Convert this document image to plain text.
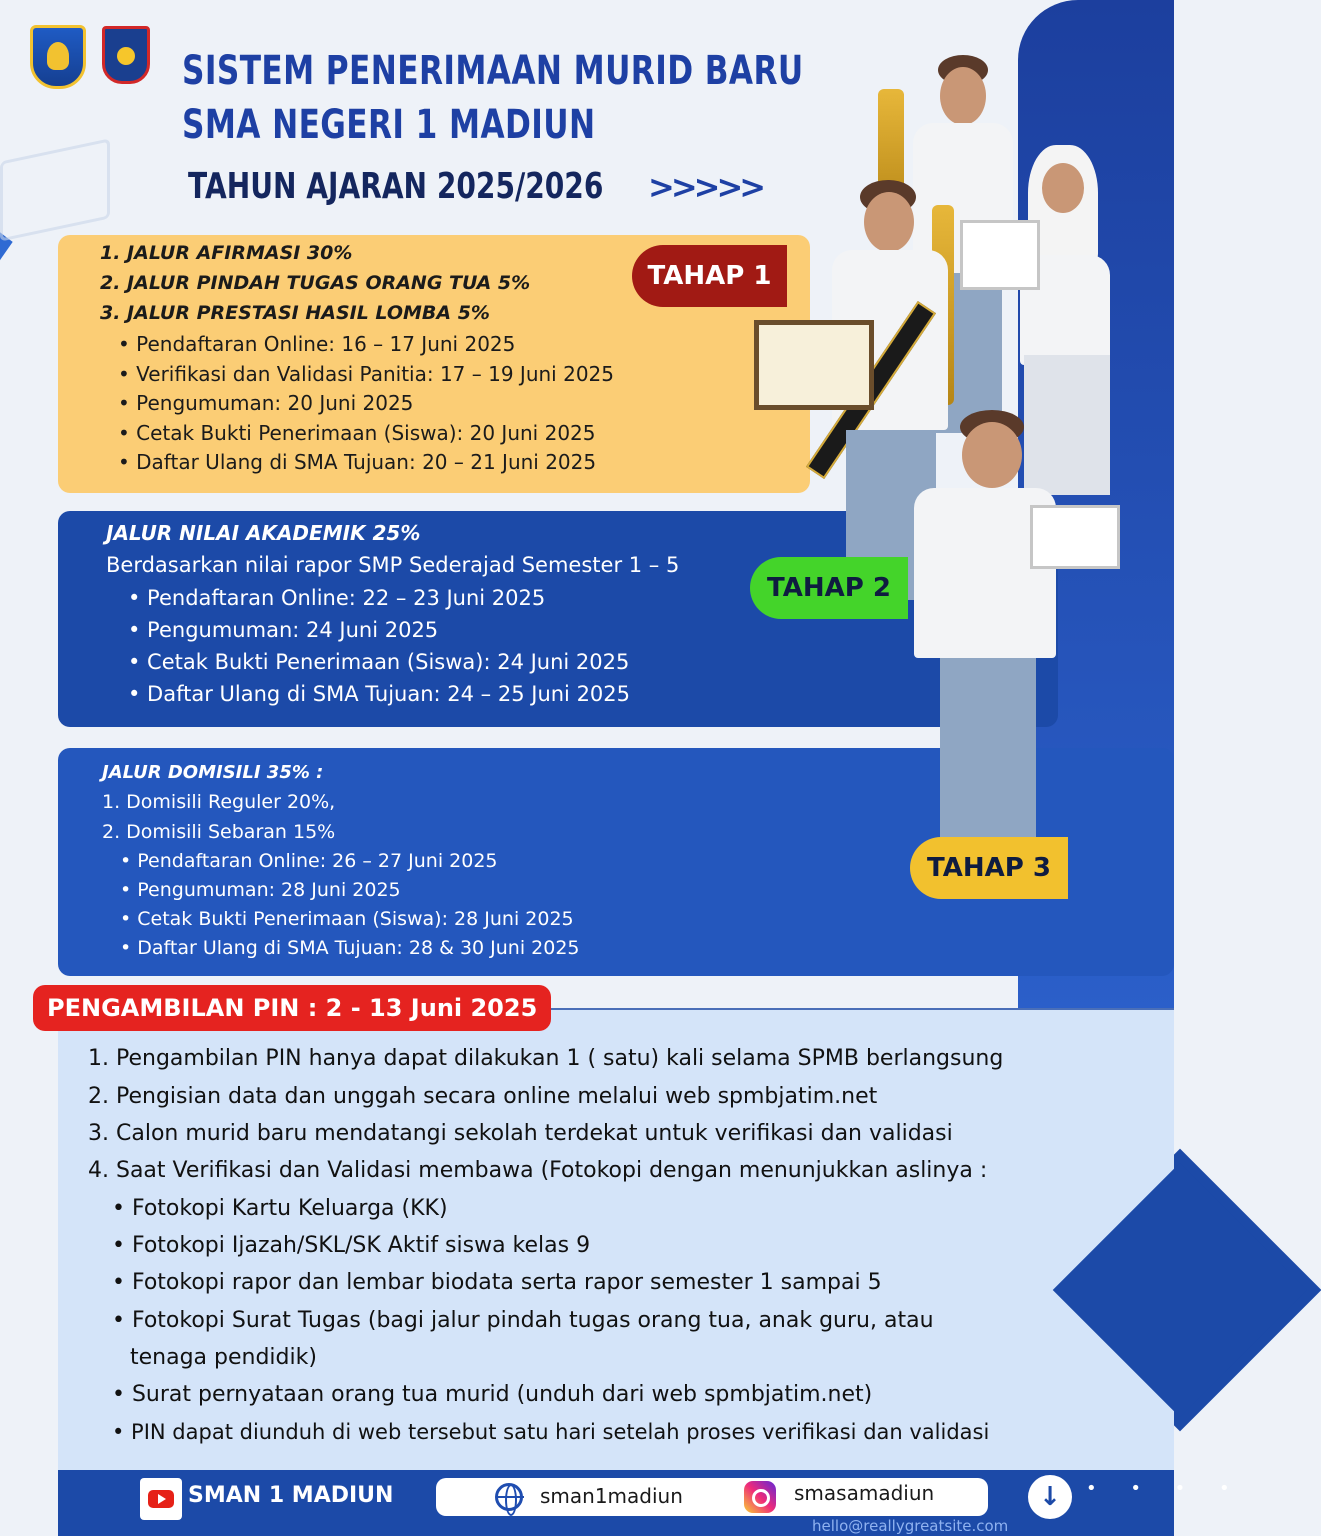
SISTEM PENERIMAAN MURID BARU
SMA NEGERI 1 MADIUN
TAHUN AJARAN 2025/2026 >>>>>
1. JALUR AFIRMASI 30%
2. JALUR PINDAH TUGAS ORANG TUA 5%
3. JALUR PRESTASI HASIL LOMBA 5%
• Pendaftaran Online: 16 – 17 Juni 2025
• Verifikasi dan Validasi Panitia: 17 – 19 Juni 2025
• Pengumuman: 20 Juni 2025
• Cetak Bukti Penerimaan (Siswa): 20 Juni 2025
• Daftar Ulang di SMA Tujuan: 20 – 21 Juni 2025
JALUR NILAI AKADEMIK 25%
Berdasarkan nilai rapor SMP Sederajad Semester 1 – 5
• Pendaftaran Online: 22 – 23 Juni 2025
• Pengumuman: 24 Juni 2025
• Cetak Bukti Penerimaan (Siswa): 24 Juni 2025
• Daftar Ulang di SMA Tujuan: 24 – 25 Juni 2025
JALUR DOMISILI 35% :
1. Domisili Reguler 20%,
2. Domisili Sebaran 15%
• Pendaftaran Online: 26 – 27 Juni 2025
• Pengumuman: 28 Juni 2025
• Cetak Bukti Penerimaan (Siswa): 28 Juni 2025
• Daftar Ulang di SMA Tujuan: 28 & 30 Juni 2025
TAHAP 1
TAHAP 2
TAHAP 3
PENGAMBILAN PIN : 2 - 13 Juni 2025
1. Pengambilan PIN hanya dapat dilakukan 1 ( satu) kali selama SPMB berlangsung
2. Pengisian data dan unggah secara online melalui web spmbjatim.net
3. Calon murid baru mendatangi sekolah terdekat untuk verifikasi dan validasi
4. Saat Verifikasi dan Validasi membawa (Fotokopi dengan menunjukkan aslinya :
• Fotokopi Kartu Keluarga (KK)
• Fotokopi Ijazah/SKL/SK Aktif siswa kelas 9
• Fotokopi rapor dan lembar biodata serta rapor semester 1 sampai 5
• Fotokopi Surat Tugas (bagi jalur pindah tugas orang tua, anak guru, atau
tenaga pendidik)
• Surat pernyataan orang tua murid (unduh dari web spmbjatim.net)
• PIN dapat diunduh di web tersebut satu hari setelah proses verifikasi dan validasi
SMAN 1 MADIUN	sman1madiun	smasamadiun	↓	• • • •
hello@reallygreatsite.com
